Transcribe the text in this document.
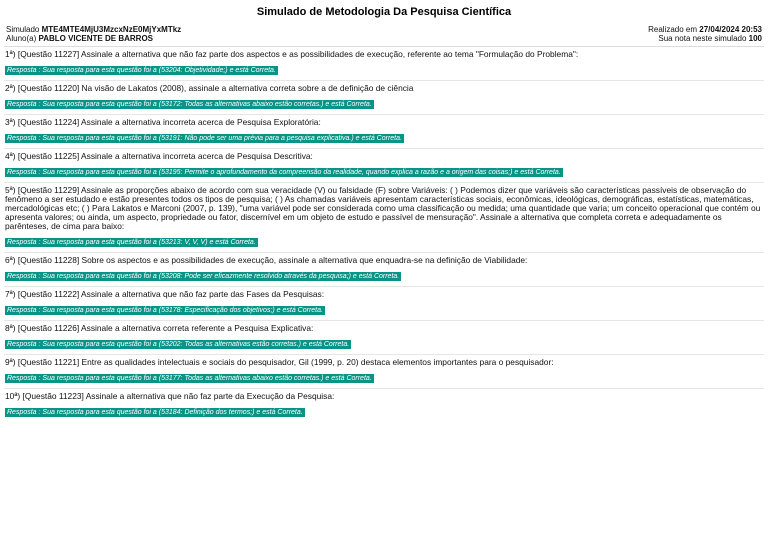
Simulado de Metodologia Da Pesquisa Científica
Simulado MTE4MTE4MjU3MzcxNzE0MjYxMTkz
Aluno(a) PABLO VICENTE DE BARROS
Realizado em 27/04/2024 20:53
Sua nota neste simulado 100
1ª) [Questão 11227] Assinale a alternativa que não faz parte dos aspectos e as possibilidades de execução, referente ao tema "Formulação do Problema":
Resposta : Sua resposta para esta questão foi a (53204: Objetividade;) e está Correta.
2ª) [Questão 11220] Na visão de Lakatos (2008), assinale a alternativa correta sobre a de definição de ciência
Resposta : Sua resposta para esta questão foi a (53172: Todas as alternativas abaixo estão corretas.) e está Correta.
3ª) [Questão 11224] Assinale a alternativa incorreta acerca de Pesquisa Exploratória:
Resposta : Sua resposta para esta questão foi a (53191: Não pode ser uma prévia para a pesquisa explicativa.) e está Correta.
4ª) [Questão 11225] Assinale a alternativa incorreta acerca de Pesquisa Descritiva:
Resposta : Sua resposta para esta questão foi a (53195: Permite o aprofundamento da compreensão da realidade, quando explica a razão e a origem das coisas;) e está Correta.
5ª) [Questão 11229] Assinale as proporções abaixo de acordo com sua veracidade (V) ou falsidade (F) sobre Variáveis: ( ) Podemos dizer que variáveis são características passíveis de observação do fenômeno a ser estudado e estão presentes todos os tipos de pesquisa; ( ) As chamadas variáveis apresentam características sociais, econômicas, ideológicas, demográficas, estatísticas, matemáticas, mercadológicas etc; ( ) Para Lakatos e Marconi (2007, p. 139), "uma variável pode ser considerada como uma classificação ou medida; uma quantidade que varia; um conceito operacional que contém ou apresenta valores; ou ainda, um aspecto, propriedade ou fator, discernível em um objeto de estudo e passível de mensuração". Assinale a alternativa que completa correta e adequadamente os parênteses, de cima para baixo:
Resposta : Sua resposta para esta questão foi a (53213: V, V, V) e está Correta.
6ª) [Questão 11228] Sobre os aspectos e as possibilidades de execução, assinale a alternativa que enquadra-se na definição de Viabilidade:
Resposta : Sua resposta para esta questão foi a (53208: Pode ser eficazmente resolvido através da pesquisa;) e está Correta.
7ª) [Questão 11222] Assinale a alternativa que não faz parte das Fases da Pesquisas:
Resposta : Sua resposta para esta questão foi a (53178: Especificação dos objetivos;) e está Correta.
8ª) [Questão 11226] Assinale a alternativa correta referente a Pesquisa Explicativa:
Resposta : Sua resposta para esta questão foi a (53202: Todas as alternativas estão corretas.) e está Correta.
9ª) [Questão 11221] Entre as qualidades intelectuais e sociais do pesquisador, Gil (1999, p. 20) destaca elementos importantes para o pesquisador:
Resposta : Sua resposta para esta questão foi a (53177: Todas as alternativas abaixo estão corretas.) e está Correta.
10ª) [Questão 11223] Assinale a alternativa que não faz parte da Execução da Pesquisa:
Resposta : Sua resposta para esta questão foi a (53184: Definição dos termos;) e está Correta.
